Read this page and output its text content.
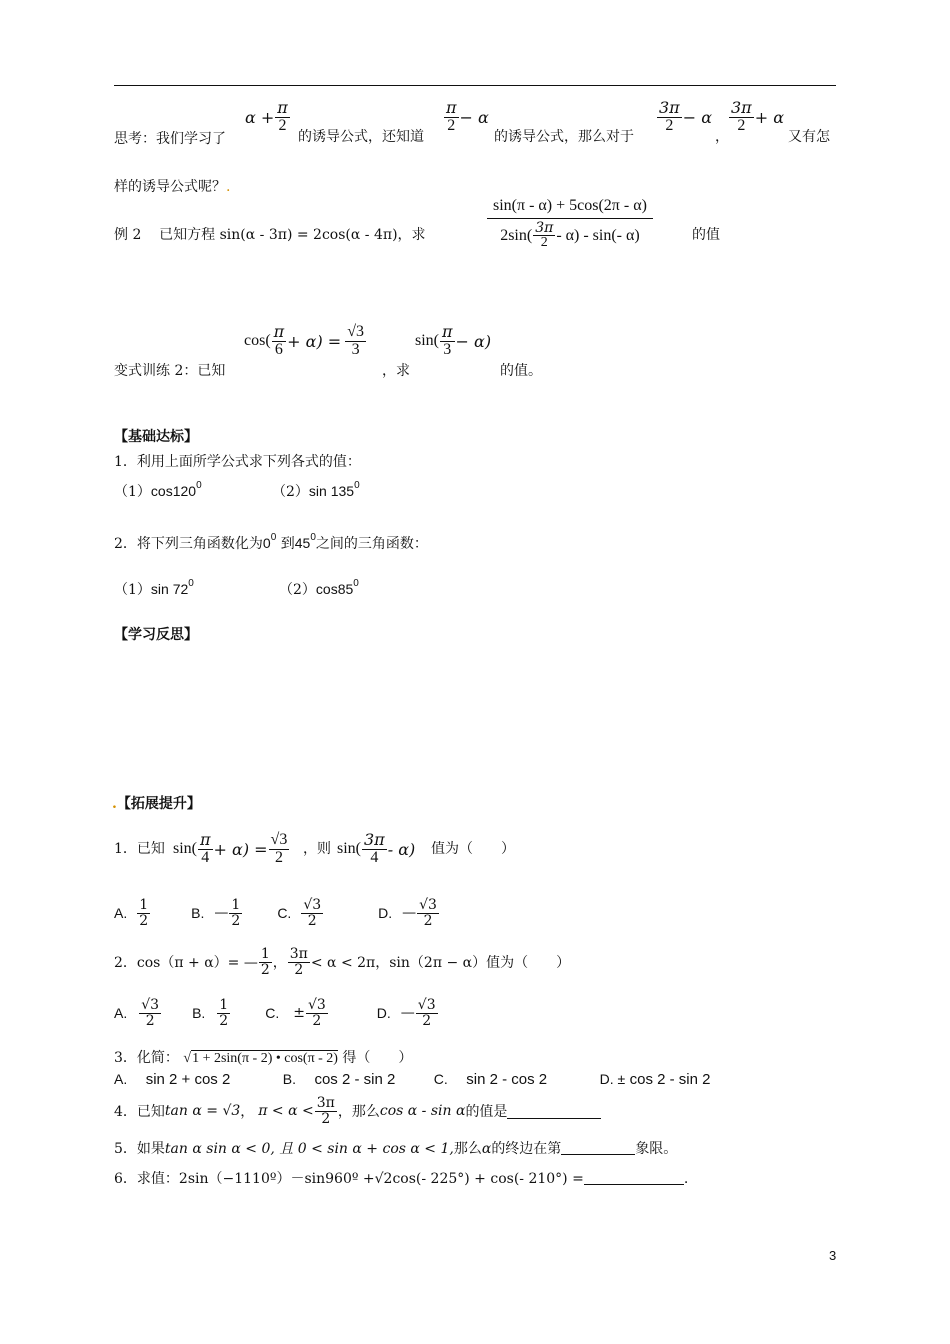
思考：我们学习了
$\alpha + \frac{\pi}{2}$
的诱导公式，还知道
$\frac{\pi}{2} - \alpha$
的诱导公式，那么对于
$\frac{3\pi}{2} - \alpha$
，
$\frac{3\pi}{2} + \alpha$
又有怎
样的诱导公式呢？.
例 2 已知方程 sin(α - 3π) = 2cos(α - 4π)，求	$\frac{\sin(\pi - \alpha) + 5\cos(2\pi - \alpha)}{2\sin( \frac{3\pi}{2} - \alpha) - \sin(- \alpha)}$	的值
变式训练 2：已知
$\cos( \frac{\pi}{6} + \alpha) = \frac{√3}{3}$
，求
$\sin( \frac{\pi}{3} - \alpha)$
的值。
【基础达标】
1．利用上面所学公式求下列各式的值：
$(1)\cos 120^0$	（2）sin $135^0$
2．将下列三角函数化为$0^0$ 到$45^0$之间的三角函数：
（1）sin $72^0$	$(2)\cos 85^0$
【学习反思】
.【拓展提升】
1．已知 $\sin( \frac{\pi}{4} + \alpha) = \frac{√3}{2}$ ，则 $\sin( \frac{3\pi}{4} - \alpha)$ 值为（　　）
A. $\frac{1}{2}$	B. — $\frac{1}{2}$	C. $\frac{√3}{2}$	D. — $\frac{√3}{2}$
2．cos（π + α）= — $\frac{1}{2}$ ， $\frac{3\pi}{2} < \alpha < 2\pi$，sin（2π − α）值为（　　）
A. $\frac{√3}{2} B$. $\frac{1}{2}$	C. ± $\frac{√3}{2}$	D. — $\frac{√3}{2}$
3．化简： √1 + 2sin(π - 2) • cos(π - 2) 得（　　）
A. sin 2 + cos 2	B. cos 2 - sin 2	C. sin 2 - cos 2	D. ± cos 2 - sin 2
4．已知 tan α = √3 ， $\pi < \alpha < \frac{3\pi}{2}$ ，那么 cos α - sin α 的值是
5．如果tan α sin α < 0, 且 0 < sin α + cos α < 1,那么α的终边在第	象限。
6．求值：2sin（−1110º）－sin960º +√2cos(- 225°) + cos(- 210°) =	.
3
